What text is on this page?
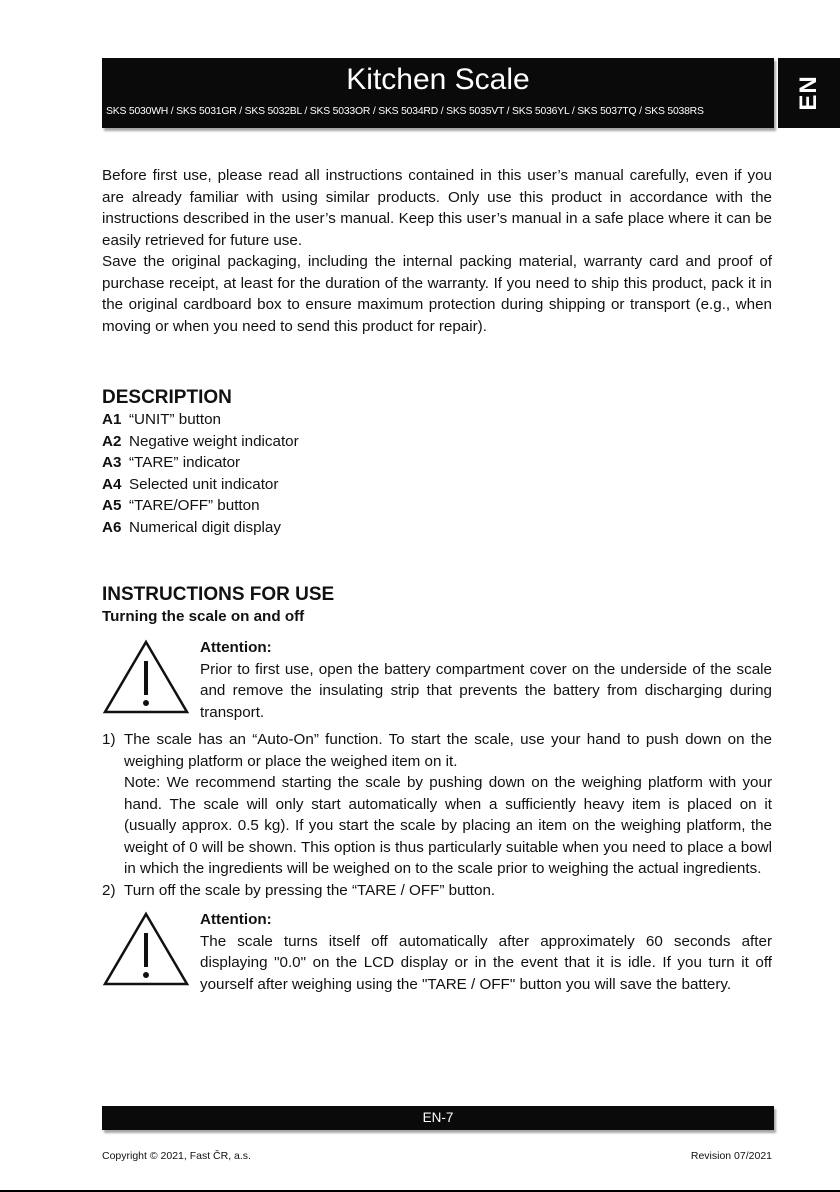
Kitchen Scale
SKS 5030WH / SKS 5031GR / SKS 5032BL / SKS 5033OR / SKS 5034RD / SKS 5035VT / SKS 5036YL / SKS 5037TQ / SKS 5038RS
EN

Before first use, please read all instructions contained in this user’s manual carefully, even if you are already familiar with using similar products. Only use this product in accordance with the instructions described in the user’s manual. Keep this user’s manual in a safe place where it can be easily retrieved for future use.

Save the original packaging, including the internal packing material, warranty card and proof of purchase receipt, at least for the duration of the warranty. If you need to ship this product, pack it in the original cardboard box to ensure maximum protection during shipping or transport (e.g., when moving or when you need to send this product for repair).

DESCRIPTION
A1 “UNIT” button
A2 Negative weight indicator
A3 “TARE” indicator
A4 Selected unit indicator
A5 “TARE/OFF” button
A6 Numerical digit display
INSTRUCTIONS FOR USE
Turning the scale on and off

Attention:

Prior to first use, open the battery compartment cover on the underside of the scale and remove the insulating strip that prevents the battery from discharging during transport.

1) The scale has an “Auto-On” function. To start the scale, use your hand to push down on the weighing platform or place the weighed item on it.
Note: We recommend starting the scale by pushing down on the weighing platform with your hand. The scale will only start automatically when a sufficiently heavy item is placed on it (usually approx. 0.5 kg). If you start the scale by placing an item on the weighing platform, the weight of 0 will be shown. This option is thus particularly suitable when you need to place a bowl in which the ingredients will be weighed on to the scale prior to weighing the actual ingredients.
2) Turn off the scale by pressing the “TARE / OFF” button.

Attention:

The scale turns itself off automatically after approximately 60 seconds after displaying "0.0" on the LCD display or in the event that it is idle. If you turn it off yourself after weighing using the "TARE / OFF" button you will save the battery.

EN-7
Copyright © 2021, Fast ČR, a.s.	Revision 07/2021
